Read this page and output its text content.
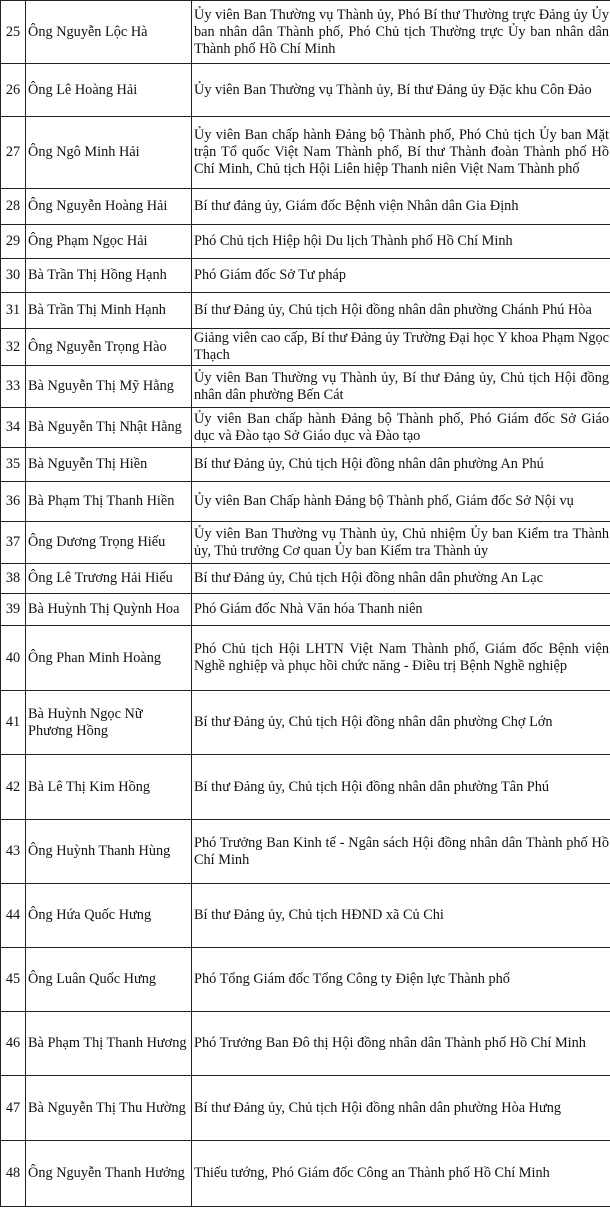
25	Ông Nguyễn Lộc Hà	Ủy viên Ban Thường vụ Thành ủy, Phó Bí thư Thường trực Đảng ủy Ủy ban nhân dân Thành phố, Phó Chủ tịch Thường trực Ủy ban nhân dân Thành phố Hồ Chí Minh
26	Ông Lê Hoàng Hải	Ủy viên Ban Thường vụ Thành ủy, Bí thư Đảng ủy Đặc khu Côn Đảo
27	Ông Ngô Minh Hải	Ủy viên Ban chấp hành Đảng bộ Thành phố, Phó Chủ tịch Ủy ban Mặt trận Tổ quốc Việt Nam Thành phố, Bí thư Thành đoàn Thành phố Hồ Chí Minh, Chủ tịch Hội Liên hiệp Thanh niên Việt Nam Thành phố
28	Ông Nguyễn Hoàng Hải	Bí thư đảng ủy, Giám đốc Bệnh viện Nhân dân Gia Định
29	Ông Phạm Ngọc Hải	Phó Chủ tịch Hiệp hội Du lịch Thành phố Hồ Chí Minh
30	Bà Trần Thị Hồng Hạnh	Phó Giám đốc Sở Tư pháp
31	Bà Trần Thị Minh Hạnh	Bí thư Đảng ủy, Chủ tịch Hội đồng nhân dân phường Chánh Phú Hòa
32	Ông Nguyễn Trọng Hào	Giảng viên cao cấp, Bí thư Đảng ủy Trường Đại học Y khoa Phạm Ngọc Thạch
33	Bà Nguyễn Thị Mỹ Hằng	Ủy viên Ban Thường vụ Thành ủy, Bí thư Đảng ủy, Chủ tịch Hội đồng nhân dân phường Bến Cát
34	Bà Nguyễn Thị Nhật Hằng	Ủy viên Ban chấp hành Đảng bộ Thành phố, Phó Giám đốc Sở Giáo dục và Đào tạo Sở Giáo dục và Đào tạo
35	Bà Nguyễn Thị Hiền	Bí thư Đảng ủy, Chủ tịch Hội đồng nhân dân phường An Phú
36	Bà Phạm Thị Thanh Hiền	Ủy viên Ban Chấp hành Đảng bộ Thành phố, Giám đốc Sở Nội vụ
37	Ông Dương Trọng Hiếu	Ủy viên Ban Thường vụ Thành ủy, Chủ nhiệm Ủy ban Kiểm tra Thành ủy, Thủ trưởng Cơ quan Ủy ban Kiểm tra Thành ủy
38	Ông Lê Trương Hải Hiếu	Bí thư Đảng ủy, Chủ tịch Hội đồng nhân dân phường An Lạc
39	Bà Huỳnh Thị Quỳnh Hoa	Phó Giám đốc Nhà Văn hóa Thanh niên
40	Ông Phan Minh Hoàng	Phó Chủ tịch Hội LHTN Việt Nam Thành phố, Giám đốc Bệnh viện Nghề nghiệp và phục hồi chức năng - Điều trị Bệnh Nghề nghiệp
41	Bà Huỳnh Ngọc Nữ Phương Hồng	Bí thư Đảng ủy, Chủ tịch Hội đồng nhân dân phường Chợ Lớn
42	Bà Lê Thị Kim Hồng	Bí thư Đảng ủy, Chủ tịch Hội đồng nhân dân phường Tân Phú
43	Ông Huỳnh Thanh Hùng	Phó Trưởng Ban Kinh tế - Ngân sách Hội đồng nhân dân Thành phố Hồ Chí Minh
44	Ông Hứa Quốc Hưng	Bí thư Đảng ủy, Chủ tịch HĐND xã Củ Chi
45	Ông Luân Quốc Hưng	Phó Tổng Giám đốc Tổng Công ty Điện lực Thành phố
46	Bà Phạm Thị Thanh Hương	Phó Trưởng Ban Đô thị Hội đồng nhân dân Thành phố Hồ Chí Minh
47	Bà Nguyễn Thị Thu Hường	Bí thư Đảng ủy, Chủ tịch Hội đồng nhân dân phường Hòa Hưng
48	Ông Nguyễn Thanh Hưởng	Thiếu tướng, Phó Giám đốc Công an Thành phố Hồ Chí Minh
